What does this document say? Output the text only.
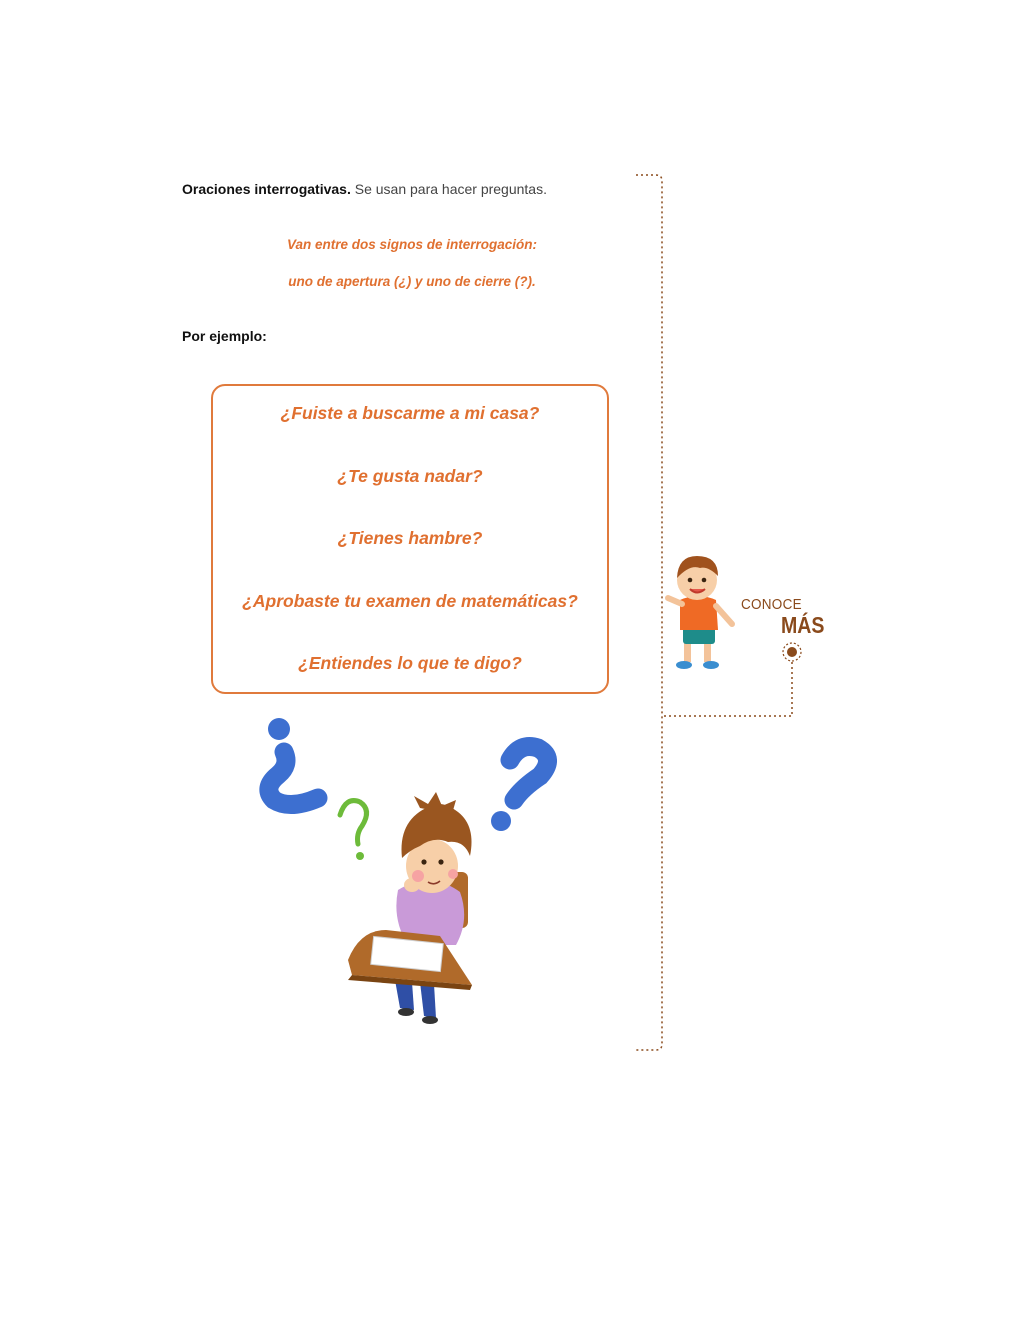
Oraciones interrogativas. Se usan para hacer preguntas.
Van entre dos signos de interrogación:
uno de apertura (¿) y uno de cierre (?).
Por ejemplo:
¿Fuiste a buscarme a mi casa?
¿Te gusta nadar?
¿Tienes hambre?
¿Aprobaste tu examen de matemáticas?
¿Entiendes lo que te digo?
CONOCE
MÁS
